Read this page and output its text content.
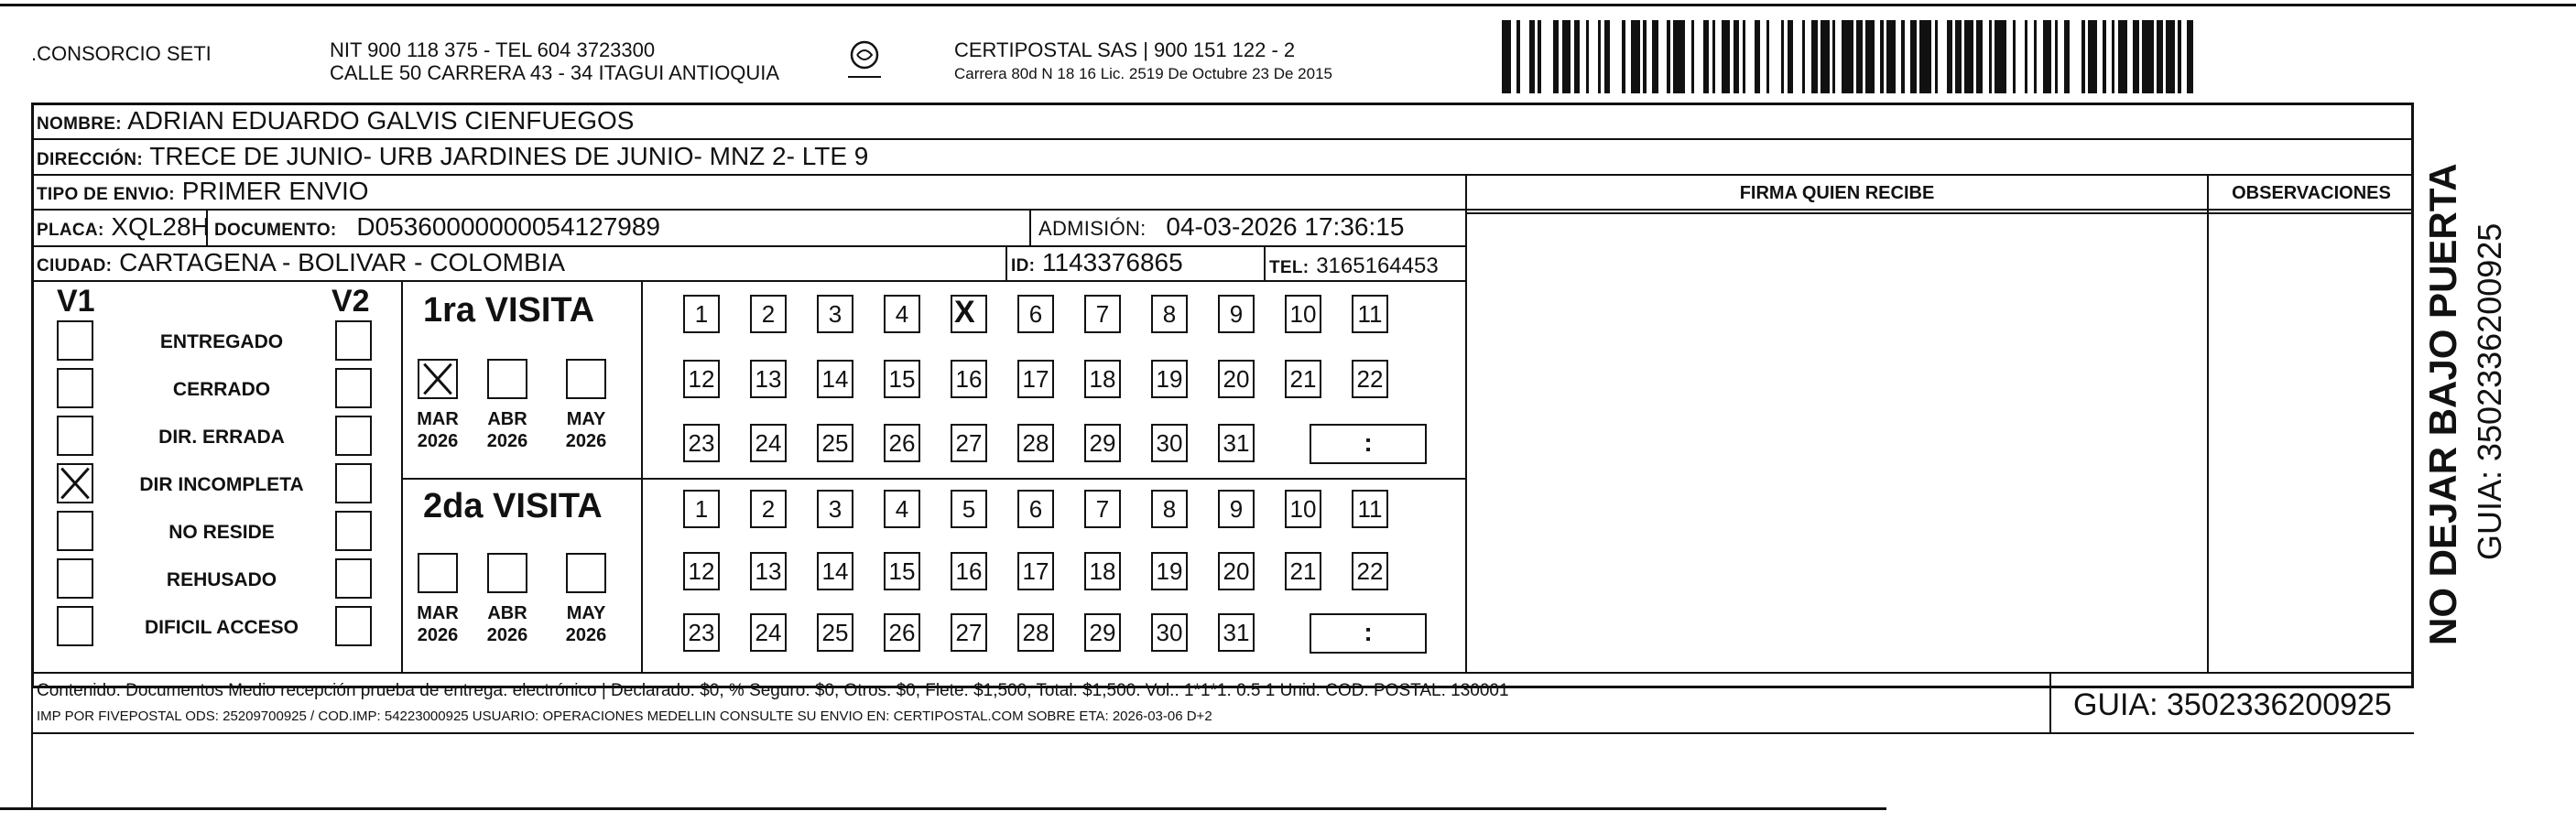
.CONSORCIO SETI	NIT 900 118 375 - TEL 604 3723300
CALLE 50 CARRERA 43 - 34 ITAGUI ANTIOQUIA
CERTIPOSTAL SAS | 900 151 122 - 2
Carrera 80d N 18 16 Lic. 2519 De Octubre 23 De 2015
NOMBRE: ADRIAN EDUARDO GALVIS CIENFUEGOS
DIRECCIÓN: TRECE DE JUNIO- URB JARDINES DE JUNIO- MNZ 2- LTE 9
TIPO DE ENVIO: PRIMER ENVIO	FIRMA QUIEN RECIBE	OBSERVACIONES
PLACA: XQL28H DOCUMENTO: D05360000000054127989	ADMISIÓN: 04-03-2026 17:36:15
CIUDAD: CARTAGENA - BOLIVAR - COLOMBIA	ID: 1143376865	TEL: 3165164453
V1	V2
ENTREGADO
CERRADO
DIR. ERRADA
DIR INCOMPLETA
NO RESIDE
REHUSADO
DIFICIL ACCESO
1ra VISITA
MAR
2026
ABR
2026
MAY
2026
1	2	3	4
X	6	7	8	9	10 11
12 13 14 15 16 17 18 19 20 21 22
23 24 25 26 27 28 29 30 31	:
2da VISITA
MAR
2026
ABR
2026
MAY
2026
1	2	3	4	5	6	7	8	9	10 11
12 13 14 15 16 17 18 19 20 21 22
23 24 25 26 27 28 29 30 31	:
Contenido: Documentos Medio recepción prueba de entrega: electrónico | Declarado: $0, % Seguro: $0, Otros: $0, Flete: $1,500, Total: $1,500. Vol.: 1*1*1. 0.5 1 Unid. COD. POSTAL: 130001
IMP POR FIVEPOSTAL ODS: 25209700925 / COD.IMP: 54223000925 USUARIO: OPERACIONES MEDELLIN CONSULTE SU ENVIO EN: CERTIPOSTAL.COM SOBRE ETA: 2026-03-06 D+2	GUIA: 3502336200925
NO DEJAR BAJO PUERTA GUIA: 3502336200925
